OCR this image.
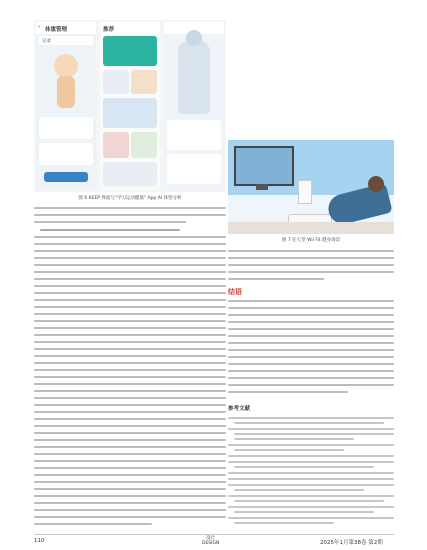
‹ 体重管理
记录
推荐
图 6 KEEP 界面与"学习运动健康" App AI 体型分析
图 7 任天堂 Wii Fit 健身场景
结语
参考文献
110	设计
DESIGN	2025年1月第38卷 第2期
